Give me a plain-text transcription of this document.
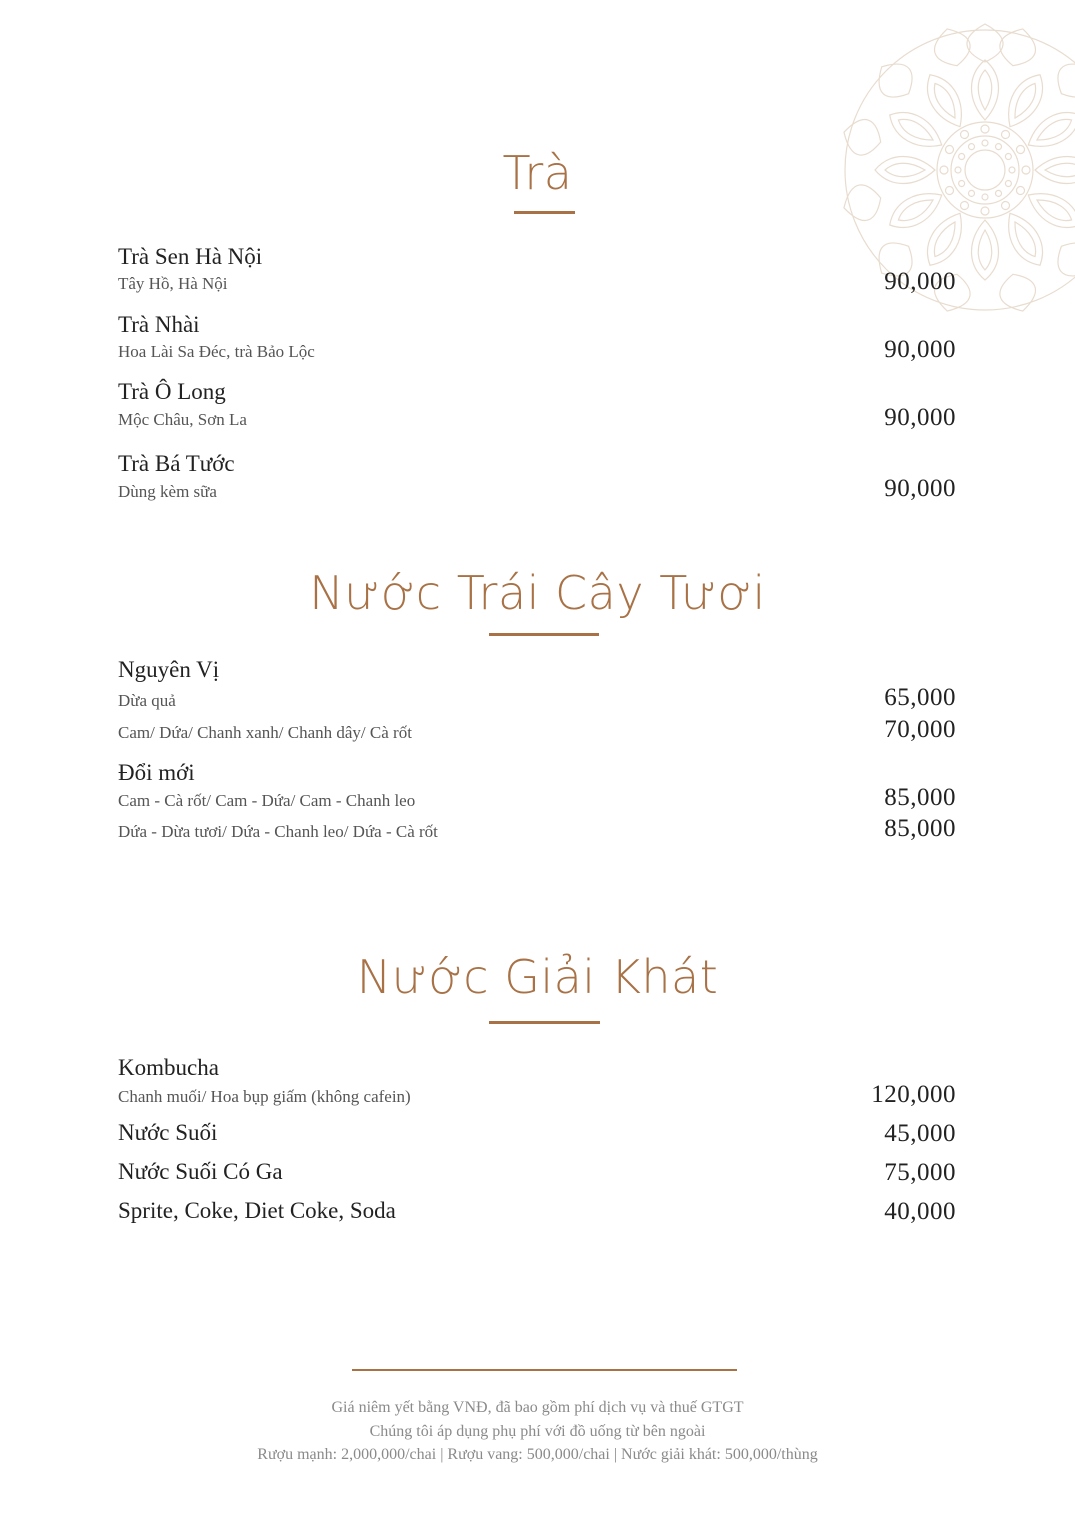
Trà
Trà Sen Hà Nội
Tây Hồ, Hà Nội	90,000
Trà Nhài
Hoa Lài Sa Đéc, trà Bảo Lộc	90,000
Trà Ô Long
Mộc Châu, Sơn La	90,000
Trà Bá Tước
Dùng kèm sữa	90,000
Nước Trái Cây Tươi
Nguyên Vị
Dừa quả	65,000
Cam/ Dứa/ Chanh xanh/ Chanh dây/ Cà rốt	70,000
Đổi mới
Cam - Cà rốt/ Cam - Dứa/ Cam - Chanh leo	85,000
Dứa - Dừa tươi/ Dứa - Chanh leo/ Dứa - Cà rốt	85,000
Nước Giải Khát
Kombucha
Chanh muối/ Hoa bụp giấm (không cafein)	120,000
Nước Suối	45,000
Nước Suối Có Ga	75,000
Sprite, Coke, Diet Coke, Soda	40,000
Giá niêm yết bằng VNĐ, đã bao gồm phí dịch vụ và thuế GTGT
Chúng tôi áp dụng phụ phí với đồ uống từ bên ngoài
Rượu mạnh: 2,000,000/chai | Rượu vang: 500,000/chai | Nước giải khát: 500,000/thùng
